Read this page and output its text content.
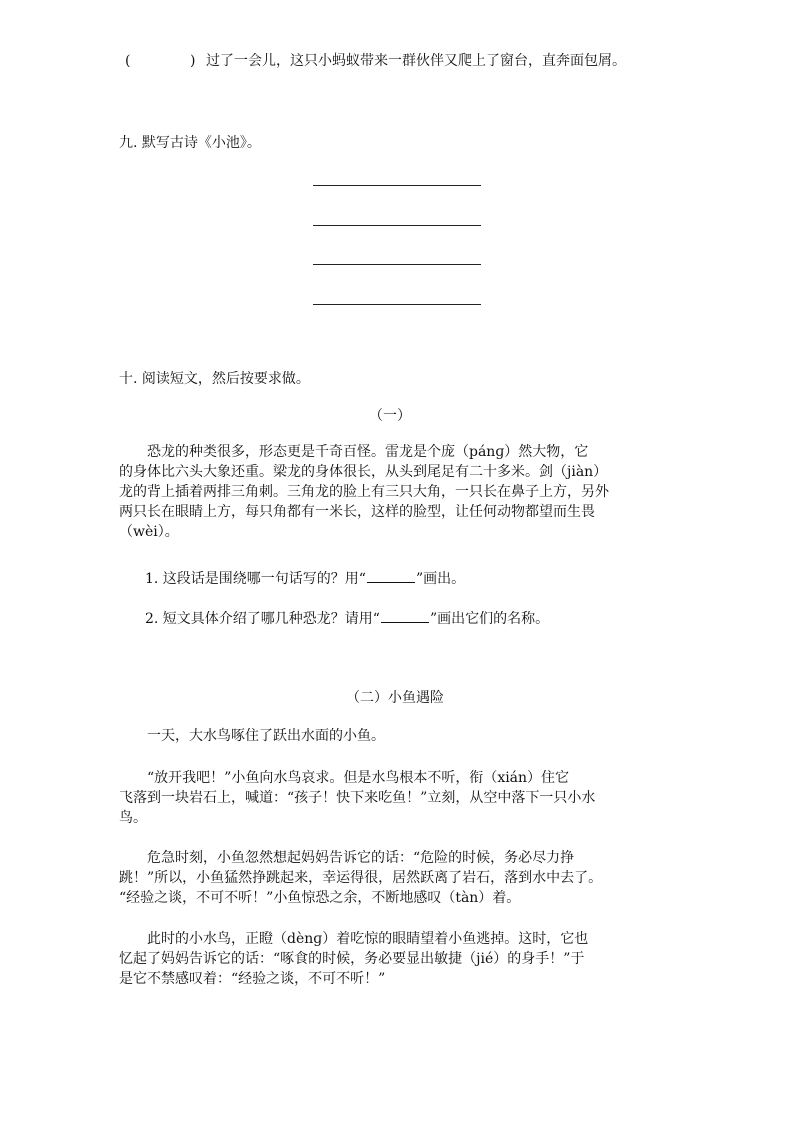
(	) 过了一会儿，这只小蚂蚁带来一群伙伴又爬上了窗台，直奔面包屑。
九. 默写古诗《小池》。
十. 阅读短文，然后按要求做。
（一）
　　恐龙的种类很多，形态更是千奇百怪。雷龙是个庞（pánɡ）然大物，它
的身体比六头大象还重。梁龙的身体很长，从头到尾足有二十多米。剑（jiàn）
龙的背上插着两排三角刺。三角龙的脸上有三只大角，一只长在鼻子上方，另外
两只长在眼睛上方，每只角都有一米长，这样的脸型，让任何动物都望而生畏
（wèi）。
1. 这段话是围绕哪一句话写的？用“	”画出。
2. 短文具体介绍了哪几种恐龙？请用“	”画出它们的名称。
（二）小鱼遇险
　　一天，大水鸟啄住了跃出水面的小鱼。
　　“放开我吧！”小鱼向水鸟哀求。但是水鸟根本不听，衔（xián）住它
飞落到一块岩石上，喊道：“孩子！快下来吃鱼！”立刻，从空中落下一只小水
鸟。
　　危急时刻，小鱼忽然想起妈妈告诉它的话：“危险的时候，务必尽力挣
跳！”所以，小鱼猛然挣跳起来，幸运得很，居然跃离了岩石，落到水中去了。
“经验之谈，不可不听！”小鱼惊恐之余，不断地感叹（tàn）着。
　　此时的小水鸟，正瞪（dènɡ）着吃惊的眼睛望着小鱼逃掉。这时，它也
忆起了妈妈告诉它的话：“啄食的时候，务必要显出敏捷（jié）的身手！”于
是它不禁感叹着：“经验之谈，不可不听！”
